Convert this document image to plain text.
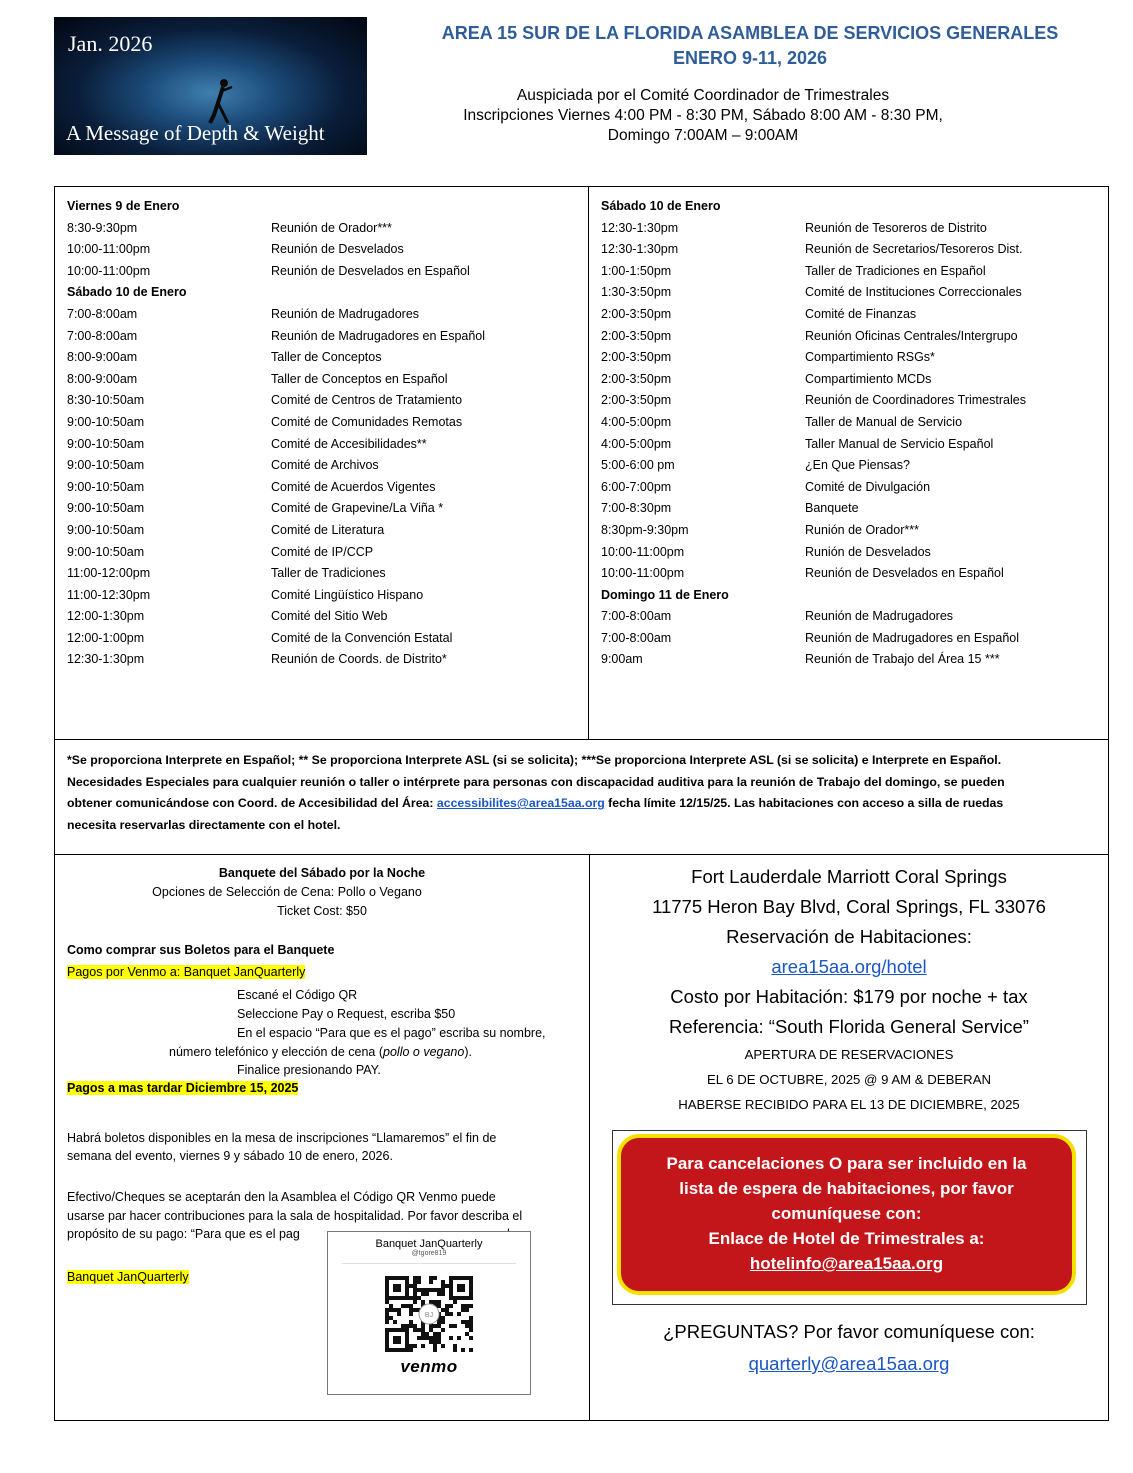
Jan. 2026
A Message of Depth & Weight
AREA 15 SUR DE LA FLORIDA ASAMBLEA DE SERVICIOS GENERALES
ENERO 9-11, 2026
Auspiciada por el Comité Coordinador de Trimestrales
Inscripciones Viernes 4:00 PM - 8:30 PM, Sábado 8:00 AM - 8:30 PM,
Domingo 7:00AM – 9:00AM
Viernes 9 de Enero
8:30-9:30pm	Reunión de Orador***
10:00-11:00pm	Reunión de Desvelados
10:00-11:00pm	Reunión de Desvelados en Español
Sábado 10 de Enero
7:00-8:00am	Reunión de Madrugadores
7:00-8:00am	Reunión de Madrugadores en Español
8:00-9:00am	Taller de Conceptos
8:00-9:00am	Taller de Conceptos en Español
8:30-10:50am	Comité de Centros de Tratamiento
9:00-10:50am	Comité de Comunidades Remotas
9:00-10:50am	Comité de Accesibilidades**
9:00-10:50am	Comité de Archivos
9:00-10:50am	Comité de Acuerdos Vigentes
9:00-10:50am	Comité de Grapevine/La Viña *
9:00-10:50am	Comité de Literatura
9:00-10:50am	Comité de IP/CCP
11:00-12:00pm	Taller de Tradiciones
11:00-12:30pm	Comité Lingüístico Hispano
12:00-1:30pm	Comité del Sitio Web
12:00-1:00pm	Comité de la Convención Estatal
12:30-1:30pm	Reunión de Coords. de Distrito*
Sábado 10 de Enero
12:30-1:30pm	Reunión de Tesoreros de Distrito
12:30-1:30pm	Reunión de Secretarios/Tesoreros Dist.
1:00-1:50pm	Taller de Tradiciones en Español
1:30-3:50pm	Comité de Instituciones Correccionales
2:00-3:50pm	Comité de Finanzas
2:00-3:50pm	Reunión Oficinas Centrales/Intergrupo
2:00-3:50pm	Compartimiento RSGs*
2:00-3:50pm	Compartimiento MCDs
2:00-3:50pm	Reunión de Coordinadores Trimestrales
4:00-5:00pm	Taller de Manual de Servicio
4:00-5:00pm	Taller Manual de Servicio Español
5:00-6:00 pm	¿En Que Piensas?
6:00-7:00pm	Comité de Divulgación
7:00-8:30pm	Banquete
8:30pm-9:30pm	Runión de Orador***
10:00-11:00pm	Runión de Desvelados
10:00-11:00pm	Reunión de Desvelados en Español
Domingo 11 de Enero
7:00-8:00am	Reunión de Madrugadores
7:00-8:00am	Reunión de Madrugadores en Español
9:00am	Reunión de Trabajo del Área 15 ***
*Se proporciona Interprete en Español; ** Se proporciona Interprete ASL (si se solicita); ***Se proporciona Interprete ASL (si se solicita) e Interprete en Español.
Necesidades Especiales para cualquier reunión o taller o intérprete para personas con discapacidad auditiva para la reunión de Trabajo del domingo, se pueden
obtener comunicándose con Coord. de Accesibilidad del Área: accessibilites@area15aa.org fecha límite 12/15/25. Las habitaciones con acceso a silla de ruedas
necesita reservarlas directamente con el hotel.
Banquete del Sábado por la Noche
Opciones de Selección de Cena: Pollo o Vegano
Ticket Cost: $50
Como comprar sus Boletos para el Banquete
Pagos por Venmo a: Banquet JanQuarterly
Escané el Código QR
Seleccione Pay o Request, escriba $50
En el espacio “Para que es el pago” escriba su nombre,
número telefónico y elección de cena (pollo o vegano).
Finalice presionando PAY.
Pagos a mas tardar Diciembre 15, 2025
Habrá boletos disponibles en la mesa de inscripciones “Llamaremos” el fin de
semana del evento, viernes 9 y sábado 10 de enero, 2026.
Efectivo/Cheques se aceptarán den la Asamblea el Código QR Venmo puede
usarse par hacer contribuciones para la sala de hospitalidad. Por favor describa el
propósito de su pago: “Para que es el pag
Banquet JanQuarterly
Banquet JanQuarterly
@tgore819
BJ
venmo
Fort Lauderdale Marriott Coral Springs
11775 Heron Bay Blvd, Coral Springs, FL 33076
Reservación de Habitaciones:
area15aa.org/hotel
Costo por Habitación: $179 por noche + tax
Referencia: “South Florida General Service”
APERTURA DE RESERVACIONES
EL 6 DE OCTUBRE, 2025 @ 9 AM & DEBERAN
HABERSE RECIBIDO PARA EL 13 DE DICIEMBRE, 2025
Para cancelaciones O para ser incluido en la
lista de espera de habitaciones, por favor
comuníquese con:
Enlace de Hotel de Trimestrales a:
hotelinfo@area15aa.org
¿PREGUNTAS? Por favor comuníquese con:
quarterly@area15aa.org
